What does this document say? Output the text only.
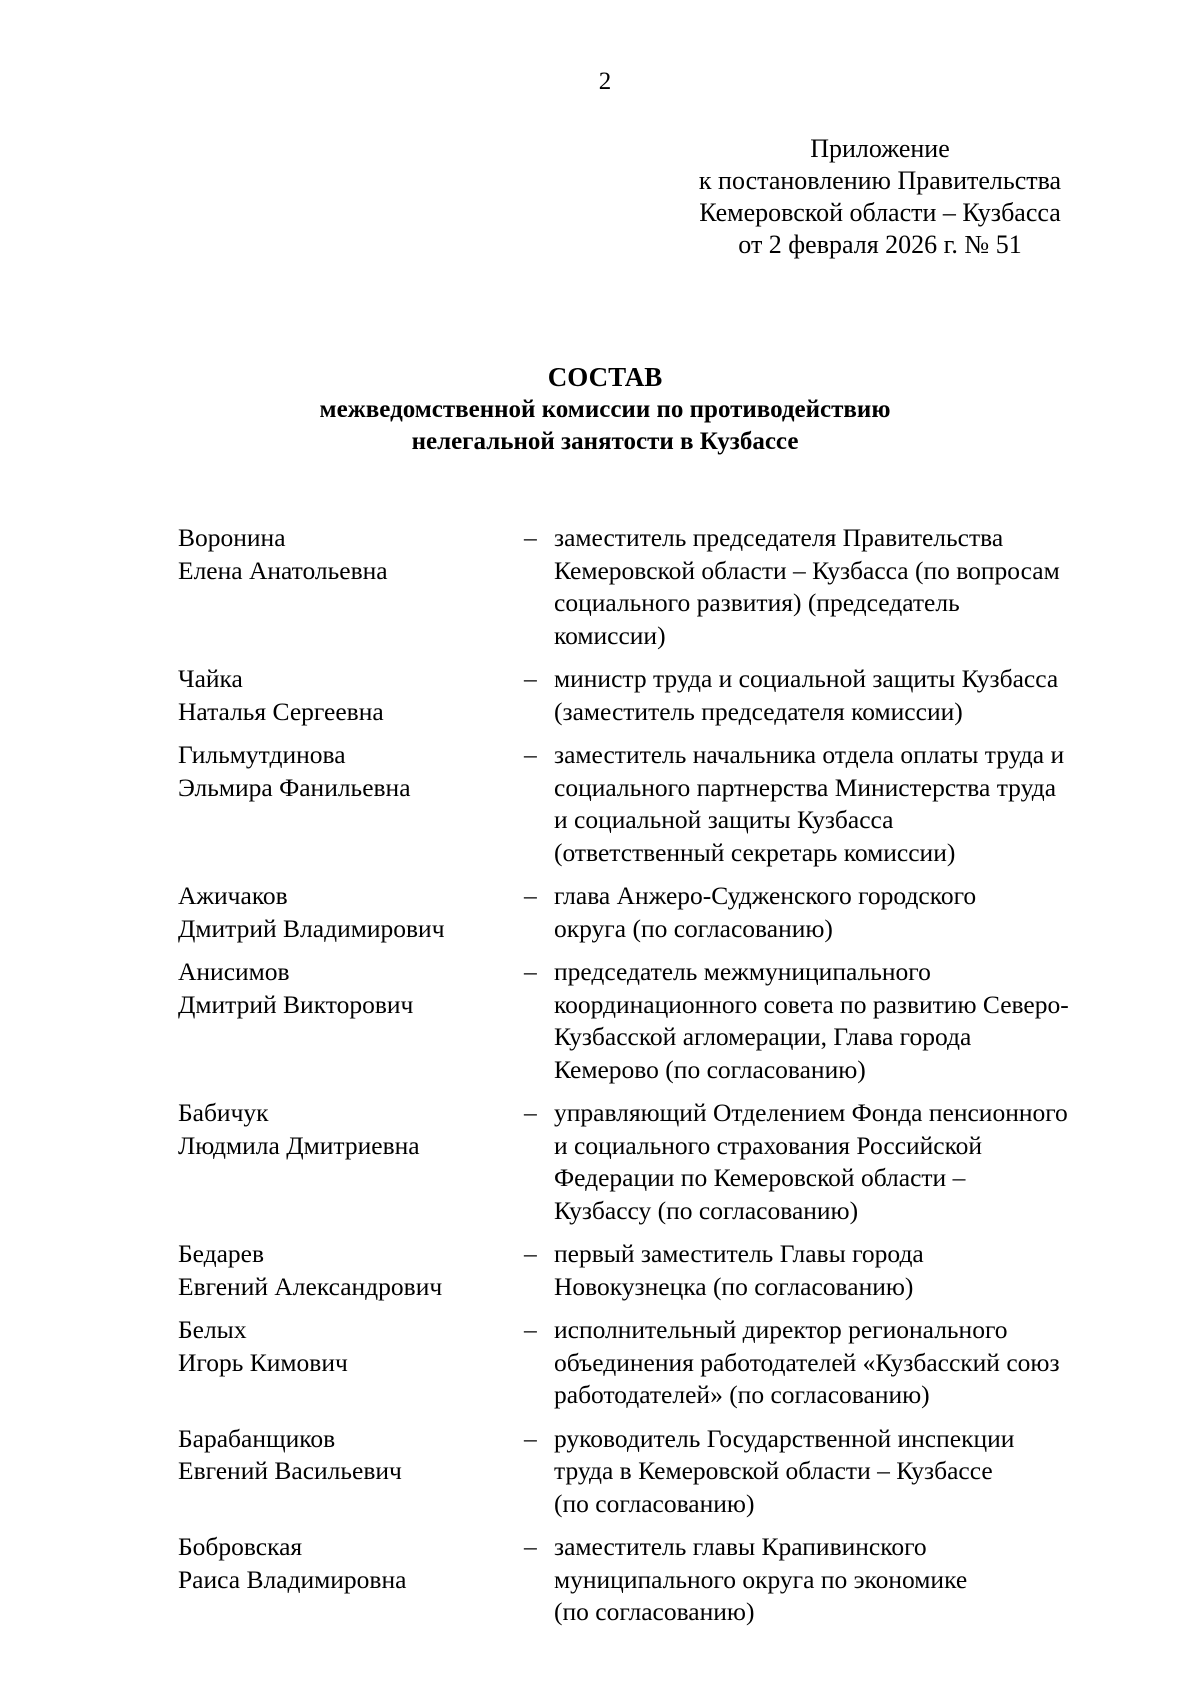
2
Приложение
к постановлению Правительства
Кемеровской области – Кузбасса
от 2 февраля 2026 г. № 51
СОСТАВ
межведомственной комиссии по противодействию
нелегальной занятости в Кузбассе
Воронина
Елена Анатольевна
– заместитель председателя Правительства
Кемеровской области – Кузбасса (по вопросам
социального развития) (председатель
комиссии)
Чайка
Наталья Сергеевна
– министр труда и социальной защиты Кузбасса
(заместитель председателя комиссии)
Гильмутдинова
Эльмира Фанильевна
– заместитель начальника отдела оплаты труда и
социального партнерства Министерства труда
и социальной защиты Кузбасса
(ответственный секретарь комиссии)
Ажичаков
Дмитрий Владимирович
– глава Анжеро-Судженского городского
округа (по согласованию)
Анисимов
Дмитрий Викторович
– председатель межмуниципального
координационного совета по развитию Северо-
Кузбасской агломерации, Глава города
Кемерово (по согласованию)
Бабичук
Людмила Дмитриевна
– управляющий Отделением Фонда пенсионного
и социального страхования Российской
Федерации по Кемеровской области –
Кузбассу (по согласованию)
Бедарев
Евгений Александрович
– первый заместитель Главы города
Новокузнецка (по согласованию)
Белых
Игорь Кимович
– исполнительный директор регионального
объединения работодателей «Кузбасский союз
работодателей» (по согласованию)
Барабанщиков
Евгений Васильевич
– руководитель Государственной инспекции
труда в Кемеровской области – Кузбассе
(по согласованию)
Бобровская
Раиса Владимировна
– заместитель главы Крапивинского
муниципального округа по экономике
(по согласованию)
